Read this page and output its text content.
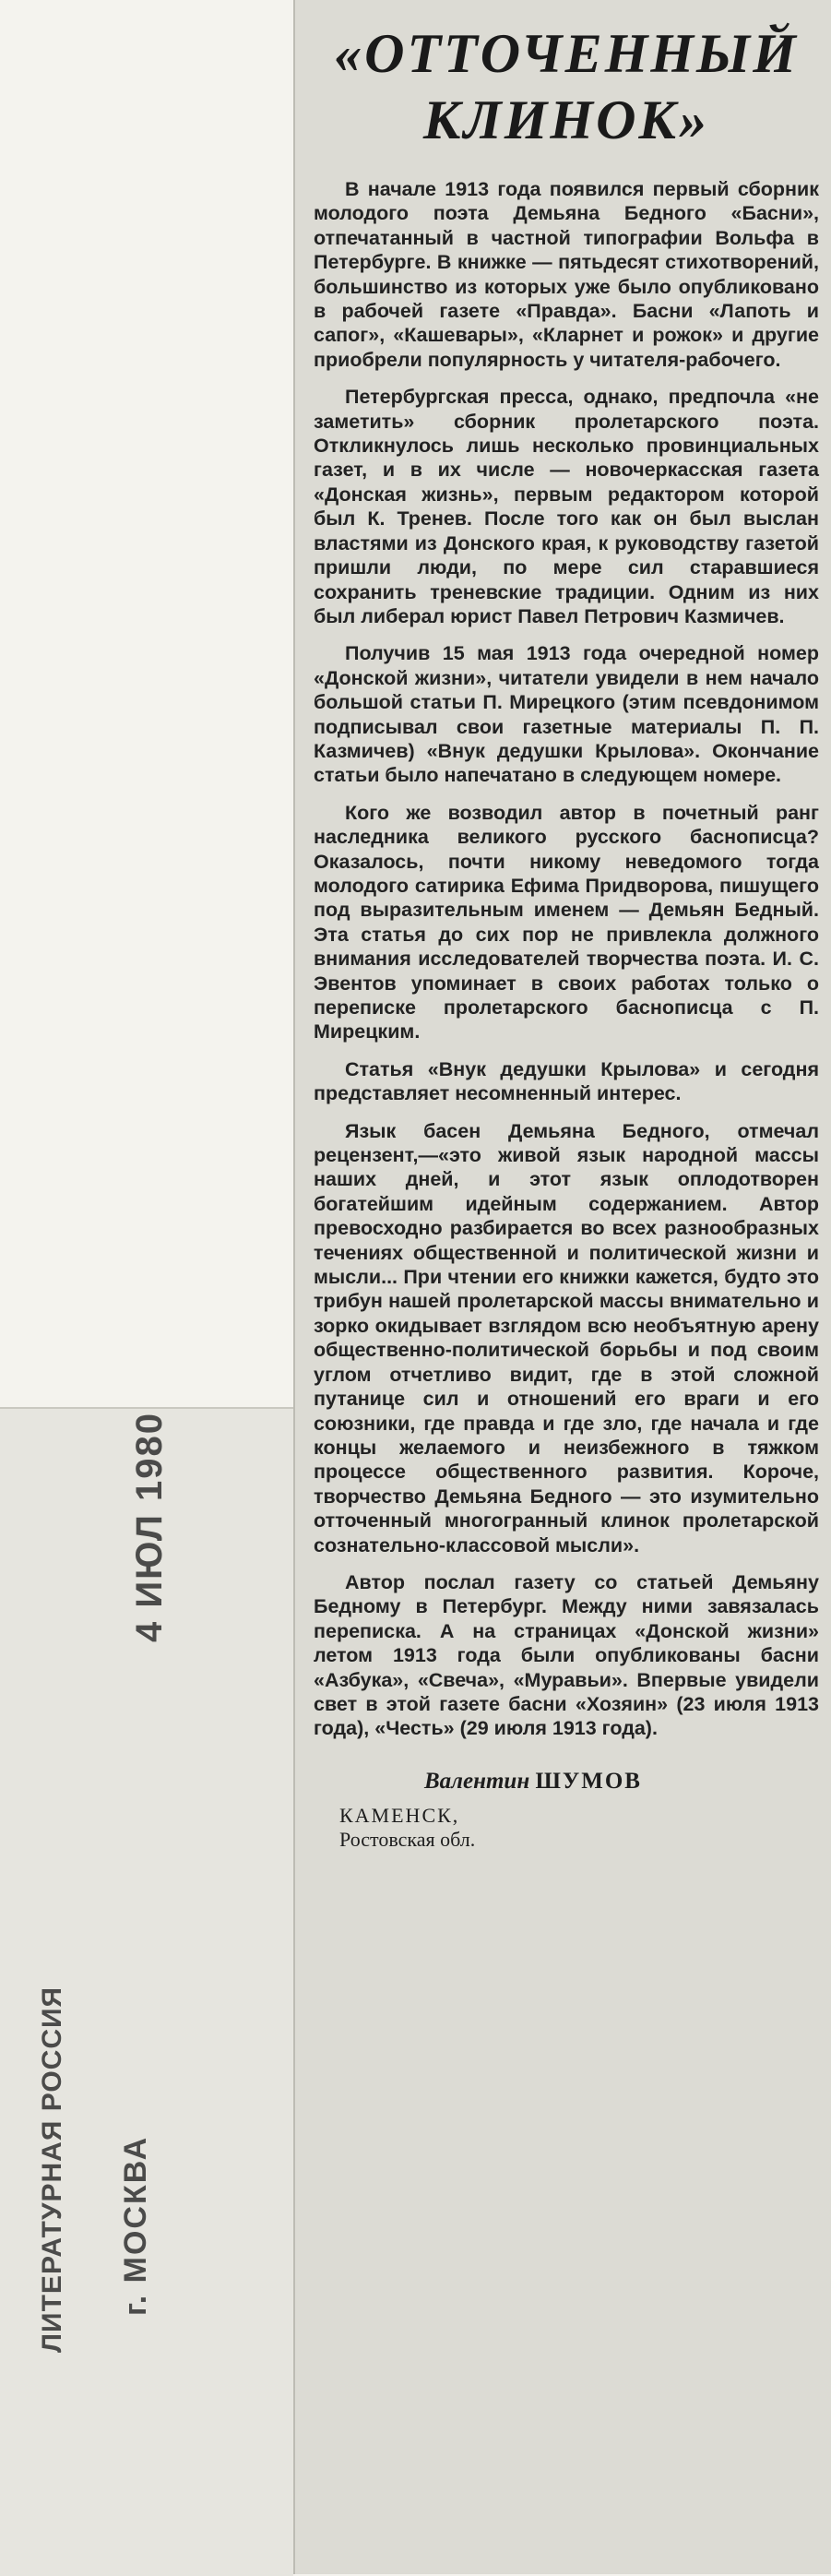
«ОТТОЧЕННЫЙ
КЛИНОК»

В начале 1913 года появился первый сборник молодого поэта Демьяна Бедного «Басни», отпечатанный в частной типографии Вольфа в Петербурге. В книжке — пятьдесят стихотворений, большинство из которых уже было опубликовано в рабочей газете «Правда». Басни «Лапоть и сапог», «Кашевары», «Кларнет и рожок» и другие приобрели популярность у читателя-рабочего.

Петербургская пресса, однако, предпочла «не заметить» сборник пролетарского поэта. Откликнулось лишь несколько провинциальных газет, и в их числе — новочеркасская газета «Донская жизнь», первым редактором которой был К. Тренев. После того как он был выслан властями из Донского края, к руководству газетой пришли люди, по мере сил старавшиеся сохранить треневские традиции. Одним из них был либерал юрист Павел Петрович Казмичев.

Получив 15 мая 1913 года очередной номер «Донской жизни», читатели увидели в нем начало большой статьи П. Мирецкого (этим псевдонимом подписывал свои газетные материалы П. П. Казмичев) «Внук дедушки Крылова». Окончание статьи было напечатано в следующем номере.

Кого же возводил автор в почетный ранг наследника великого русского баснописца? Оказалось, почти никому неведомого тогда молодого сатирика Ефима Придворова, пишущего под выразительным именем — Демьян Бедный. Эта статья до сих пор не привлекла должного внимания исследователей творчества поэта. И. С. Эвентов упоминает в своих работах только о переписке пролетарского баснописца с П. Мирецким.

Статья «Внук дедушки Крылова» и сегодня представляет несомненный интерес.

Язык басен Демьяна Бедного, отмечал рецензент,—«это живой язык народной массы наших дней, и этот язык оплодотворен богатейшим идейным содержанием. Автор превосходно разбирается во всех разнообразных течениях общественной и политической жизни и мысли... При чтении его книжки кажется, будто это трибун нашей пролетарской массы внимательно и зорко окидывает взглядом всю необъятную арену общественно-политической борьбы и под своим углом отчетливо видит, где в этой сложной путанице сил и отношений его враги и его союзники, где правда и где зло, где начала и где концы желаемого и неизбежного в тяжком процессе общественного развития. Короче, творчество Демьяна Бедного — это изумительно отточенный многогранный клинок пролетарской сознательно-классовой мысли».

Автор послал газету со статьей Демьяну Бедному в Петербург. Между ними завязалась переписка. А на страницах «Донской жизни» летом 1913 года были опубликованы басни «Азбука», «Свеча», «Муравьи». Впервые увидели свет в этой газете басни «Хозяин» (23 июля 1913 года), «Честь» (29 июля 1913 года).

Валентин ШУМОВ
КАМЕНСК,
Ростовская обл.
ЛИТЕРАТУРНАЯ РОССИЯ г. МОСКВА
4 ИЮЛ 1980
